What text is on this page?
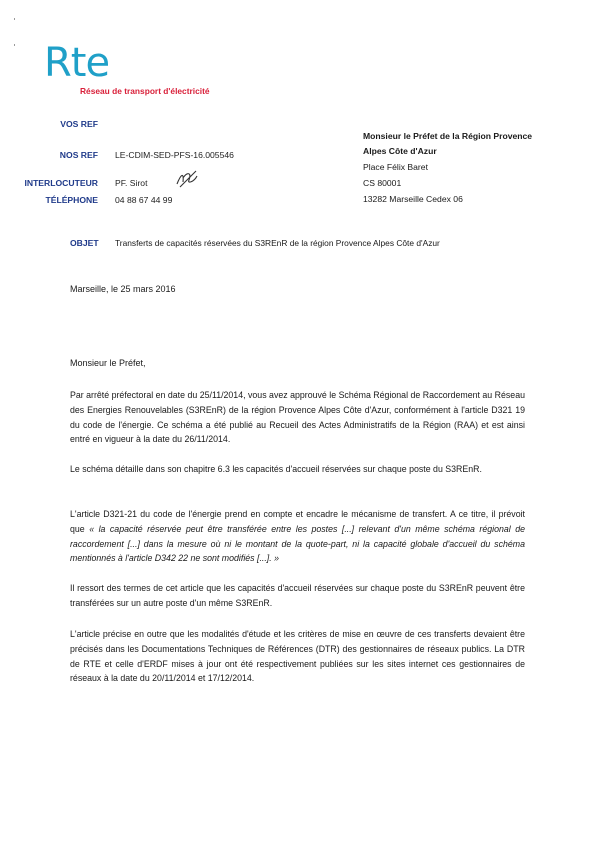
Rte
Réseau de transport d'électricité
VOS REF
NOS REF LE-CDIM-SED-PFS-16.005546
INTERLOCUTEUR PF. Sirot
TÉLÉPHONE 04 88 67 44 99
Monsieur le Préfet de la Région Provence
Alpes Côte d'Azur
Place Félix Baret
CS 80001
13282 Marseille Cedex 06
OBJET Transferts de capacités réservées du S3REnR de la région Provence Alpes Côte d'Azur
Marseille, le 25 mars 2016
Monsieur le Préfet,

Par arrêté préfectoral en date du 25/11/2014, vous avez approuvé le Schéma Régional de Raccordement au Réseau des Energies Renouvelables (S3REnR) de la région Provence Alpes Côte d'Azur, conformément à l'article D321 19 du code de l'énergie. Ce schéma a été publié au Recueil des Actes Administratifs de la Région (RAA) et est ainsi entré en vigueur à la date du 26/11/2014.

Le schéma détaille dans son chapitre 6.3 les capacités d'accueil réservées sur chaque poste du S3REnR.

L'article D321-21 du code de l'énergie prend en compte et encadre le mécanisme de transfert. A ce titre, il prévoit que « la capacité réservée peut être transférée entre les postes [...] relevant d'un même schéma régional de raccordement [...] dans la mesure où ni le montant de la quote-part, ni la capacité globale d'accueil du schéma mentionnés à l'article D342 22 ne sont modifiés [...]. »

Il ressort des termes de cet article que les capacités d'accueil réservées sur chaque poste du S3REnR peuvent être transférées sur un autre poste d'un même S3REnR.

L'article précise en outre que les modalités d'étude et les critères de mise en œuvre de ces transferts devaient être précisés dans les Documentations Techniques de Références (DTR) des gestionnaires de réseaux publics. La DTR de RTE et celle d'ERDF mises à jour ont été respectivement publiées sur les sites internet ces gestionnaires de réseaux à la date du 20/11/2014 et 17/12/2014.
